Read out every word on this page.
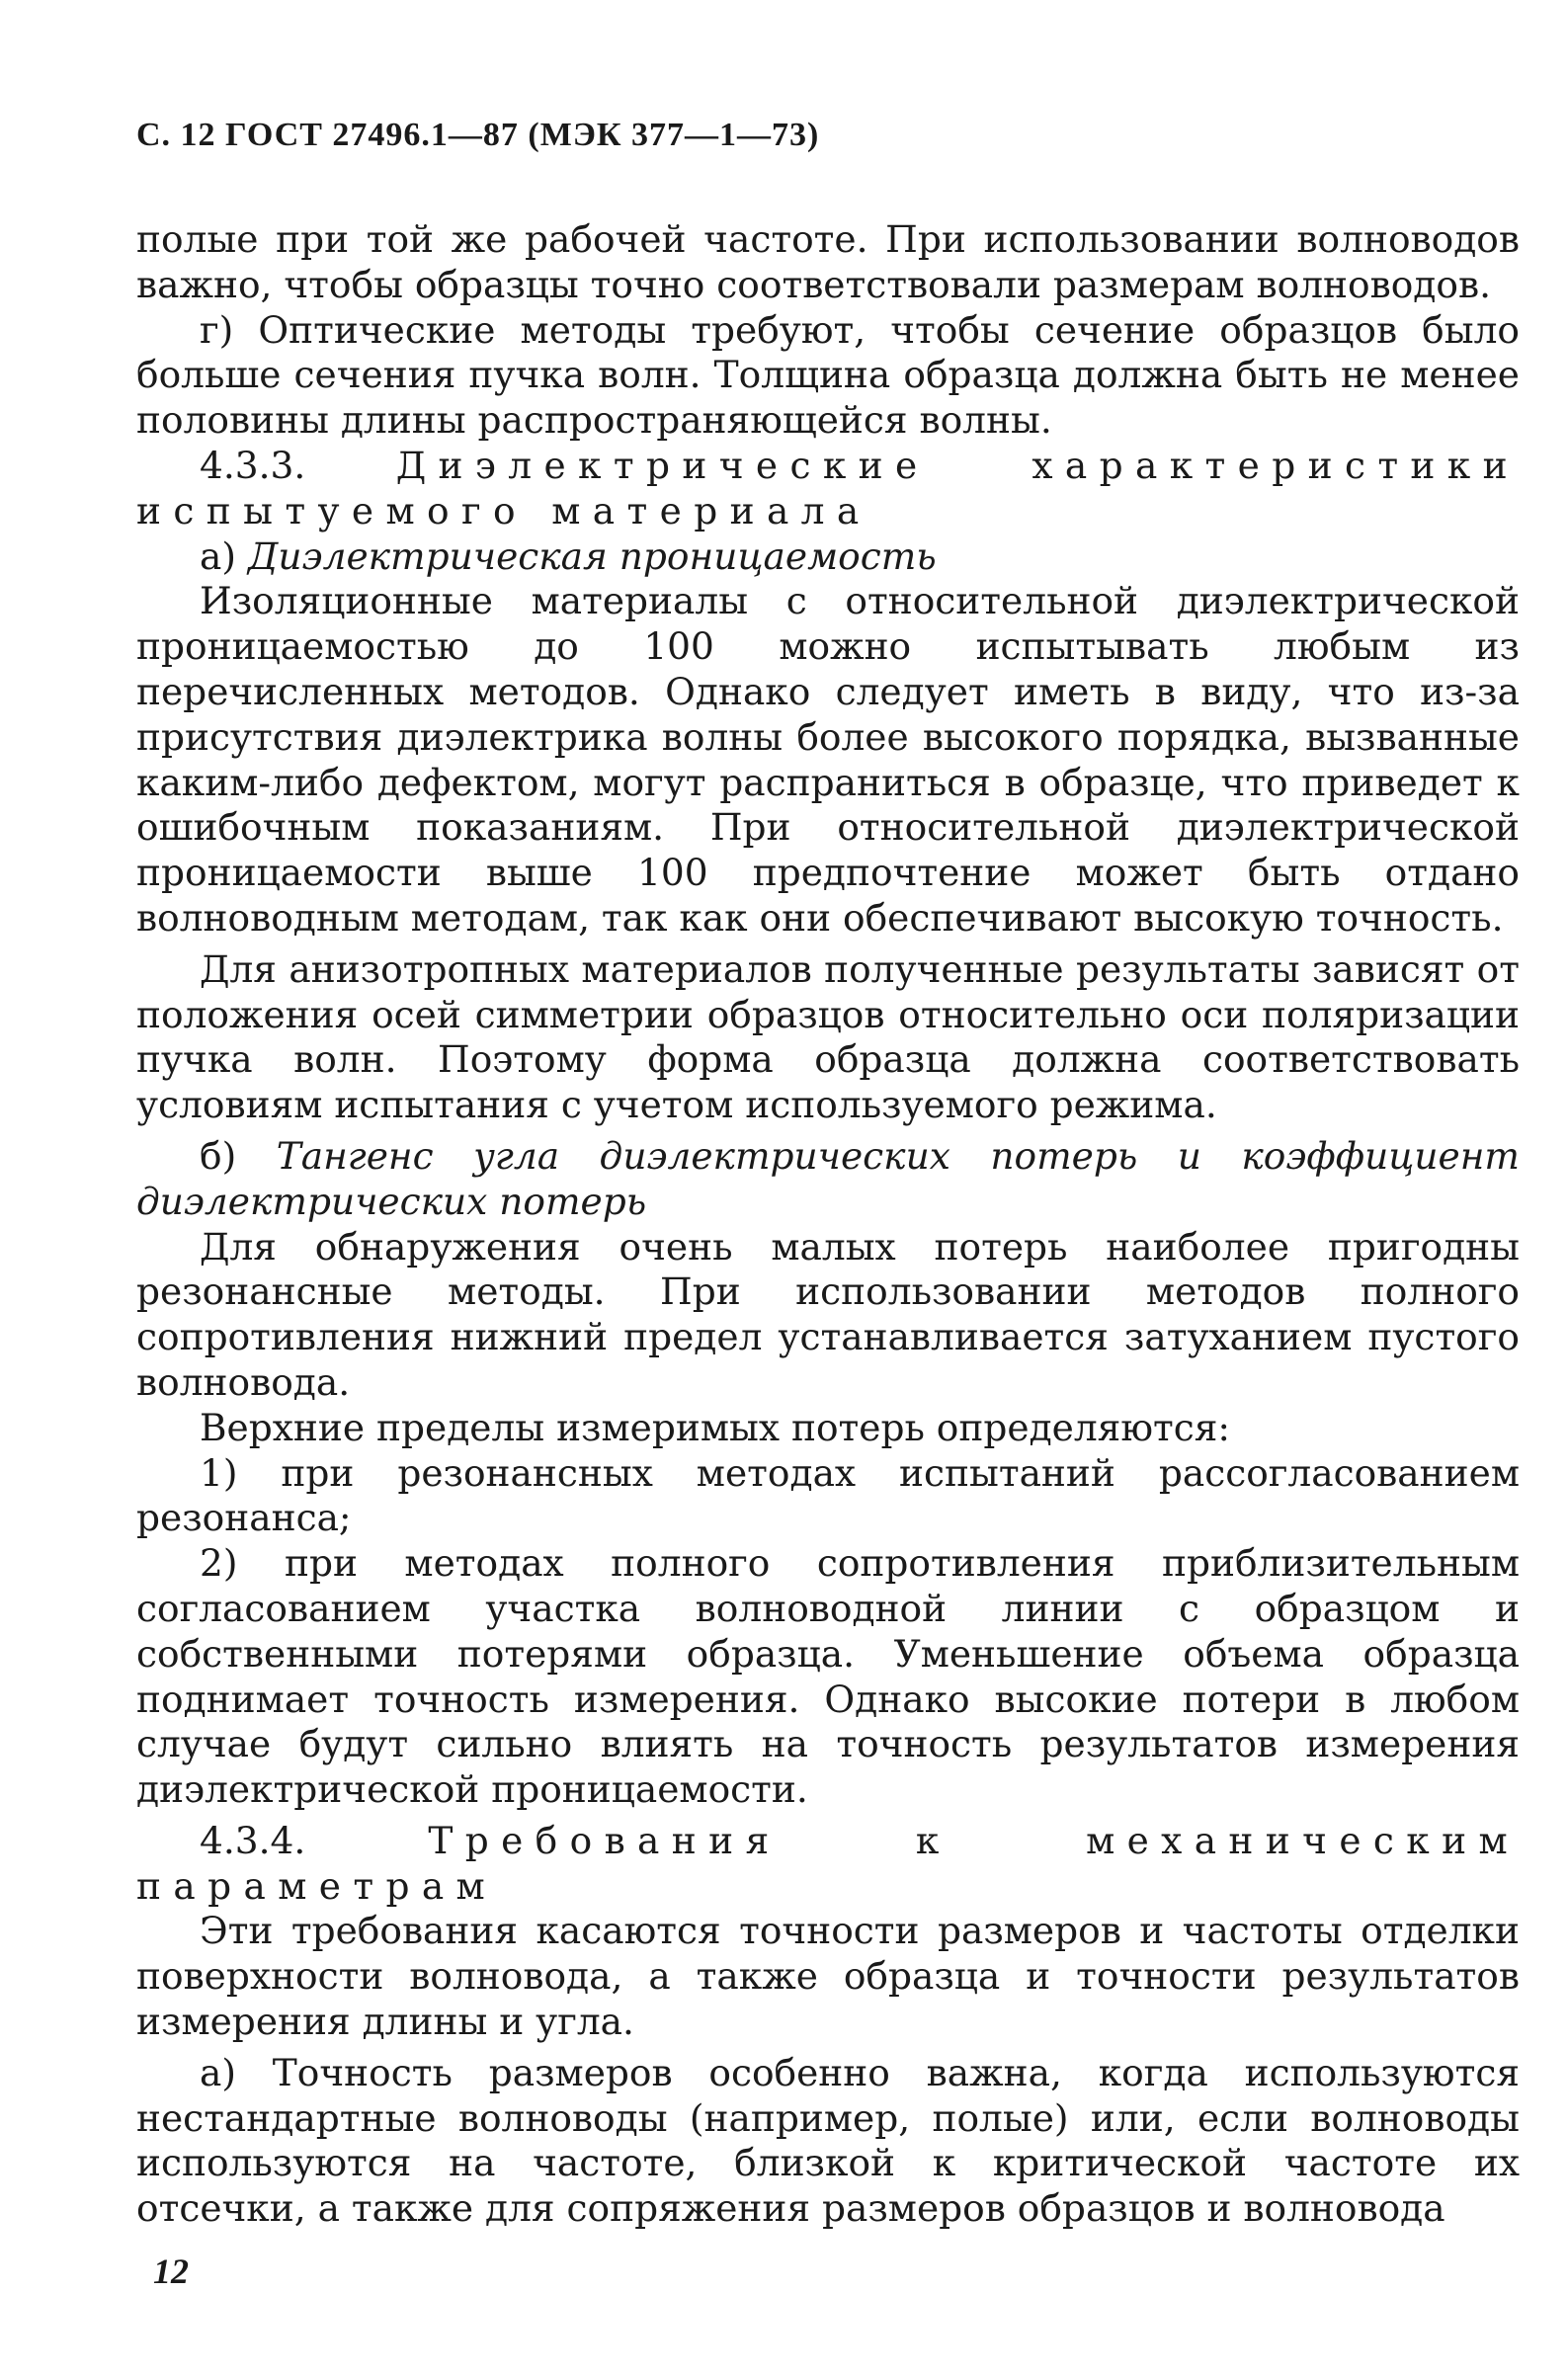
С. 12 ГОСТ 27496.1—87 (МЭК 377—1—73)

полые при той же рабочей частоте. При использовании волноводов важно, чтобы образцы точно соответствовали размерам волноводов.

г) Оптические методы требуют, чтобы сечение образцов было больше сечения пучка волн. Толщина образца должна быть не менее половины длины распространяющейся волны.

4.3.3. Диэлектрические характеристики испытуемого материала

а) Диэлектрическая проницаемость

Изоляционные материалы с относительной диэлектрической проницаемостью до 100 можно испытывать любым из перечисленных методов. Однако следует иметь в виду, что из-за присутствия диэлектрика волны более высокого порядка, вызванные каким-либо дефектом, могут распраниться в образце, что приведет к ошибочным показаниям. При относительной диэлектрической проницаемости выше 100 предпочтение может быть отдано волноводным методам, так как они обеспечивают высокую точность.

Для анизотропных материалов полученные результаты зависят от положения осей симметрии образцов относительно оси поляризации пучка волн. Поэтому форма образца должна соответствовать условиям испытания с учетом используемого режима.

б) Тангенс угла диэлектрических потерь и коэффициент диэлектрических потерь

Для обнаружения очень малых потерь наиболее пригодны резонансные методы. При использовании методов полного сопротивления нижний предел устанавливается затуханием пустого волновода.

Верхние пределы измеримых потерь определяются:

1) при резонансных методах испытаний рассогласованием резонанса;

2) при методах полного сопротивления приблизительным согласованием участка волноводной линии с образцом и собственными потерями образца. Уменьшение объема образца поднимает точность измерения. Однако высокие потери в любом случае будут сильно влиять на точность результатов измерения диэлектрической проницаемости.

4.3.4.	Требования к механическим параметрам

Эти требования касаются точности размеров и частоты отделки поверхности волновода, а также образца и точности результатов измерения длины и угла.

а) Точность размеров особенно важна, когда используются нестандартные волноводы (например, полые) или, если волноводы используются на частоте, близкой к критической частоте их отсечки, а также для сопряжения размеров образцов и волновода

12
